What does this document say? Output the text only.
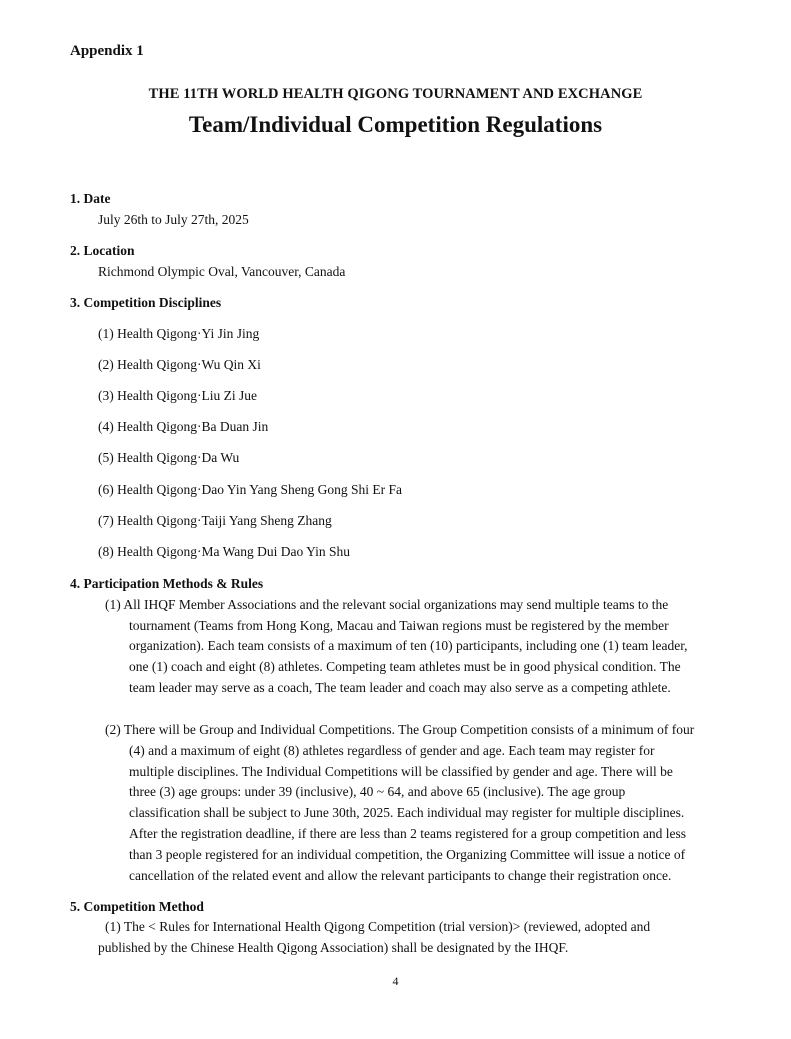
Appendix 1
THE 11TH WORLD HEALTH QIGONG TOURNAMENT AND EXCHANGE
Team/Individual Competition Regulations
1. Date
July 26th to July 27th, 2025
2. Location
Richmond Olympic Oval, Vancouver, Canada
3. Competition Disciplines
(1) Health Qigong·Yi Jin Jing
(2) Health Qigong·Wu Qin Xi
(3) Health Qigong·Liu Zi Jue
(4) Health Qigong·Ba Duan Jin
(5) Health Qigong·Da Wu
(6) Health Qigong·Dao Yin Yang Sheng Gong Shi Er Fa
(7) Health Qigong·Taiji Yang Sheng Zhang
(8) Health Qigong·Ma Wang Dui Dao Yin Shu
4. Participation Methods & Rules
(1) All IHQF Member Associations and the relevant social organizations may send multiple teams to the
tournament (Teams from Hong Kong, Macau and Taiwan regions must be registered by the member
organization). Each team consists of a maximum of ten (10) participants, including one (1) team leader,
one (1) coach and eight (8) athletes. Competing team athletes must be in good physical condition. The
team leader may serve as a coach, The team leader and coach may also serve as a competing athlete.
(2) There will be Group and Individual Competitions. The Group Competition consists of a minimum of four
(4) and a maximum of eight (8) athletes regardless of gender and age. Each team may register for
multiple disciplines. The Individual Competitions will be classified by gender and age. There will be
three (3) age groups: under 39 (inclusive), 40 ~ 64, and above 65 (inclusive). The age group
classification shall be subject to June 30th, 2025. Each individual may register for multiple disciplines.
After the registration deadline, if there are less than 2 teams registered for a group competition and less
than 3 people registered for an individual competition, the Organizing Committee will issue a notice of
cancellation of the related event and allow the relevant participants to change their registration once.
5. Competition Method
(1) The < Rules for International Health Qigong Competition (trial version)> (reviewed, adopted and
published by the Chinese Health Qigong Association) shall be designated by the IHQF.
4
